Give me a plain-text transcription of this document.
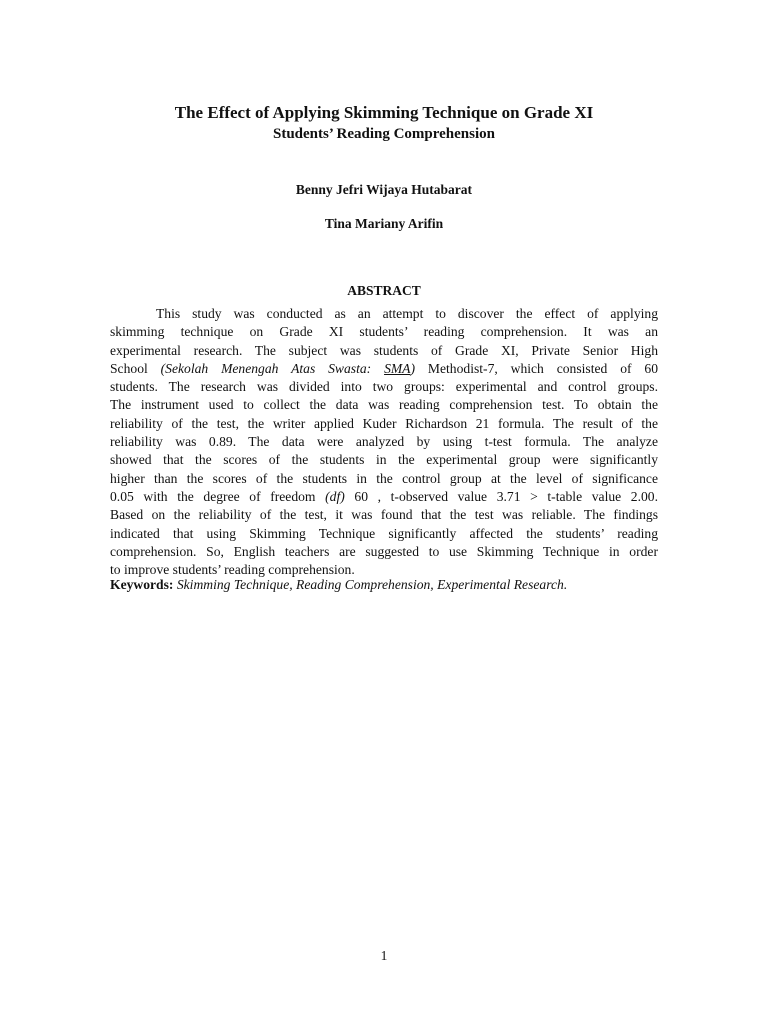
The Effect of Applying Skimming Technique on Grade XI
Students’ Reading Comprehension
Benny Jefri Wijaya Hutabarat
Tina Mariany Arifin
ABSTRACT
This study was conducted as an attempt to discover the effect of applying
skimming technique on Grade XI students’ reading comprehension. It was an
experimental research. The subject was students of Grade XI, Private Senior High
School (Sekolah Menengah Atas Swasta: SMA) Methodist-7, which consisted of 60
students. The research was divided into two groups: experimental and control groups.
The instrument used to collect the data was reading comprehension test. To obtain the
reliability of the test, the writer applied Kuder Richardson 21 formula. The result of the
reliability was 0.89. The data were analyzed by using t-test formula. The analyze
showed that the scores of the students in the experimental group were significantly
higher than the scores of the students in the control group at the level of significance
0.05 with the degree of freedom (df) 60 , t-observed value 3.71 > t-table value 2.00.
Based on the reliability of the test, it was found that the test was reliable. The findings
indicated that using Skimming Technique significantly affected the students’ reading
comprehension. So, English teachers are suggested to use Skimming Technique in order
to improve students’ reading comprehension.
Keywords: Skimming Technique, Reading Comprehension, Experimental Research.
1
